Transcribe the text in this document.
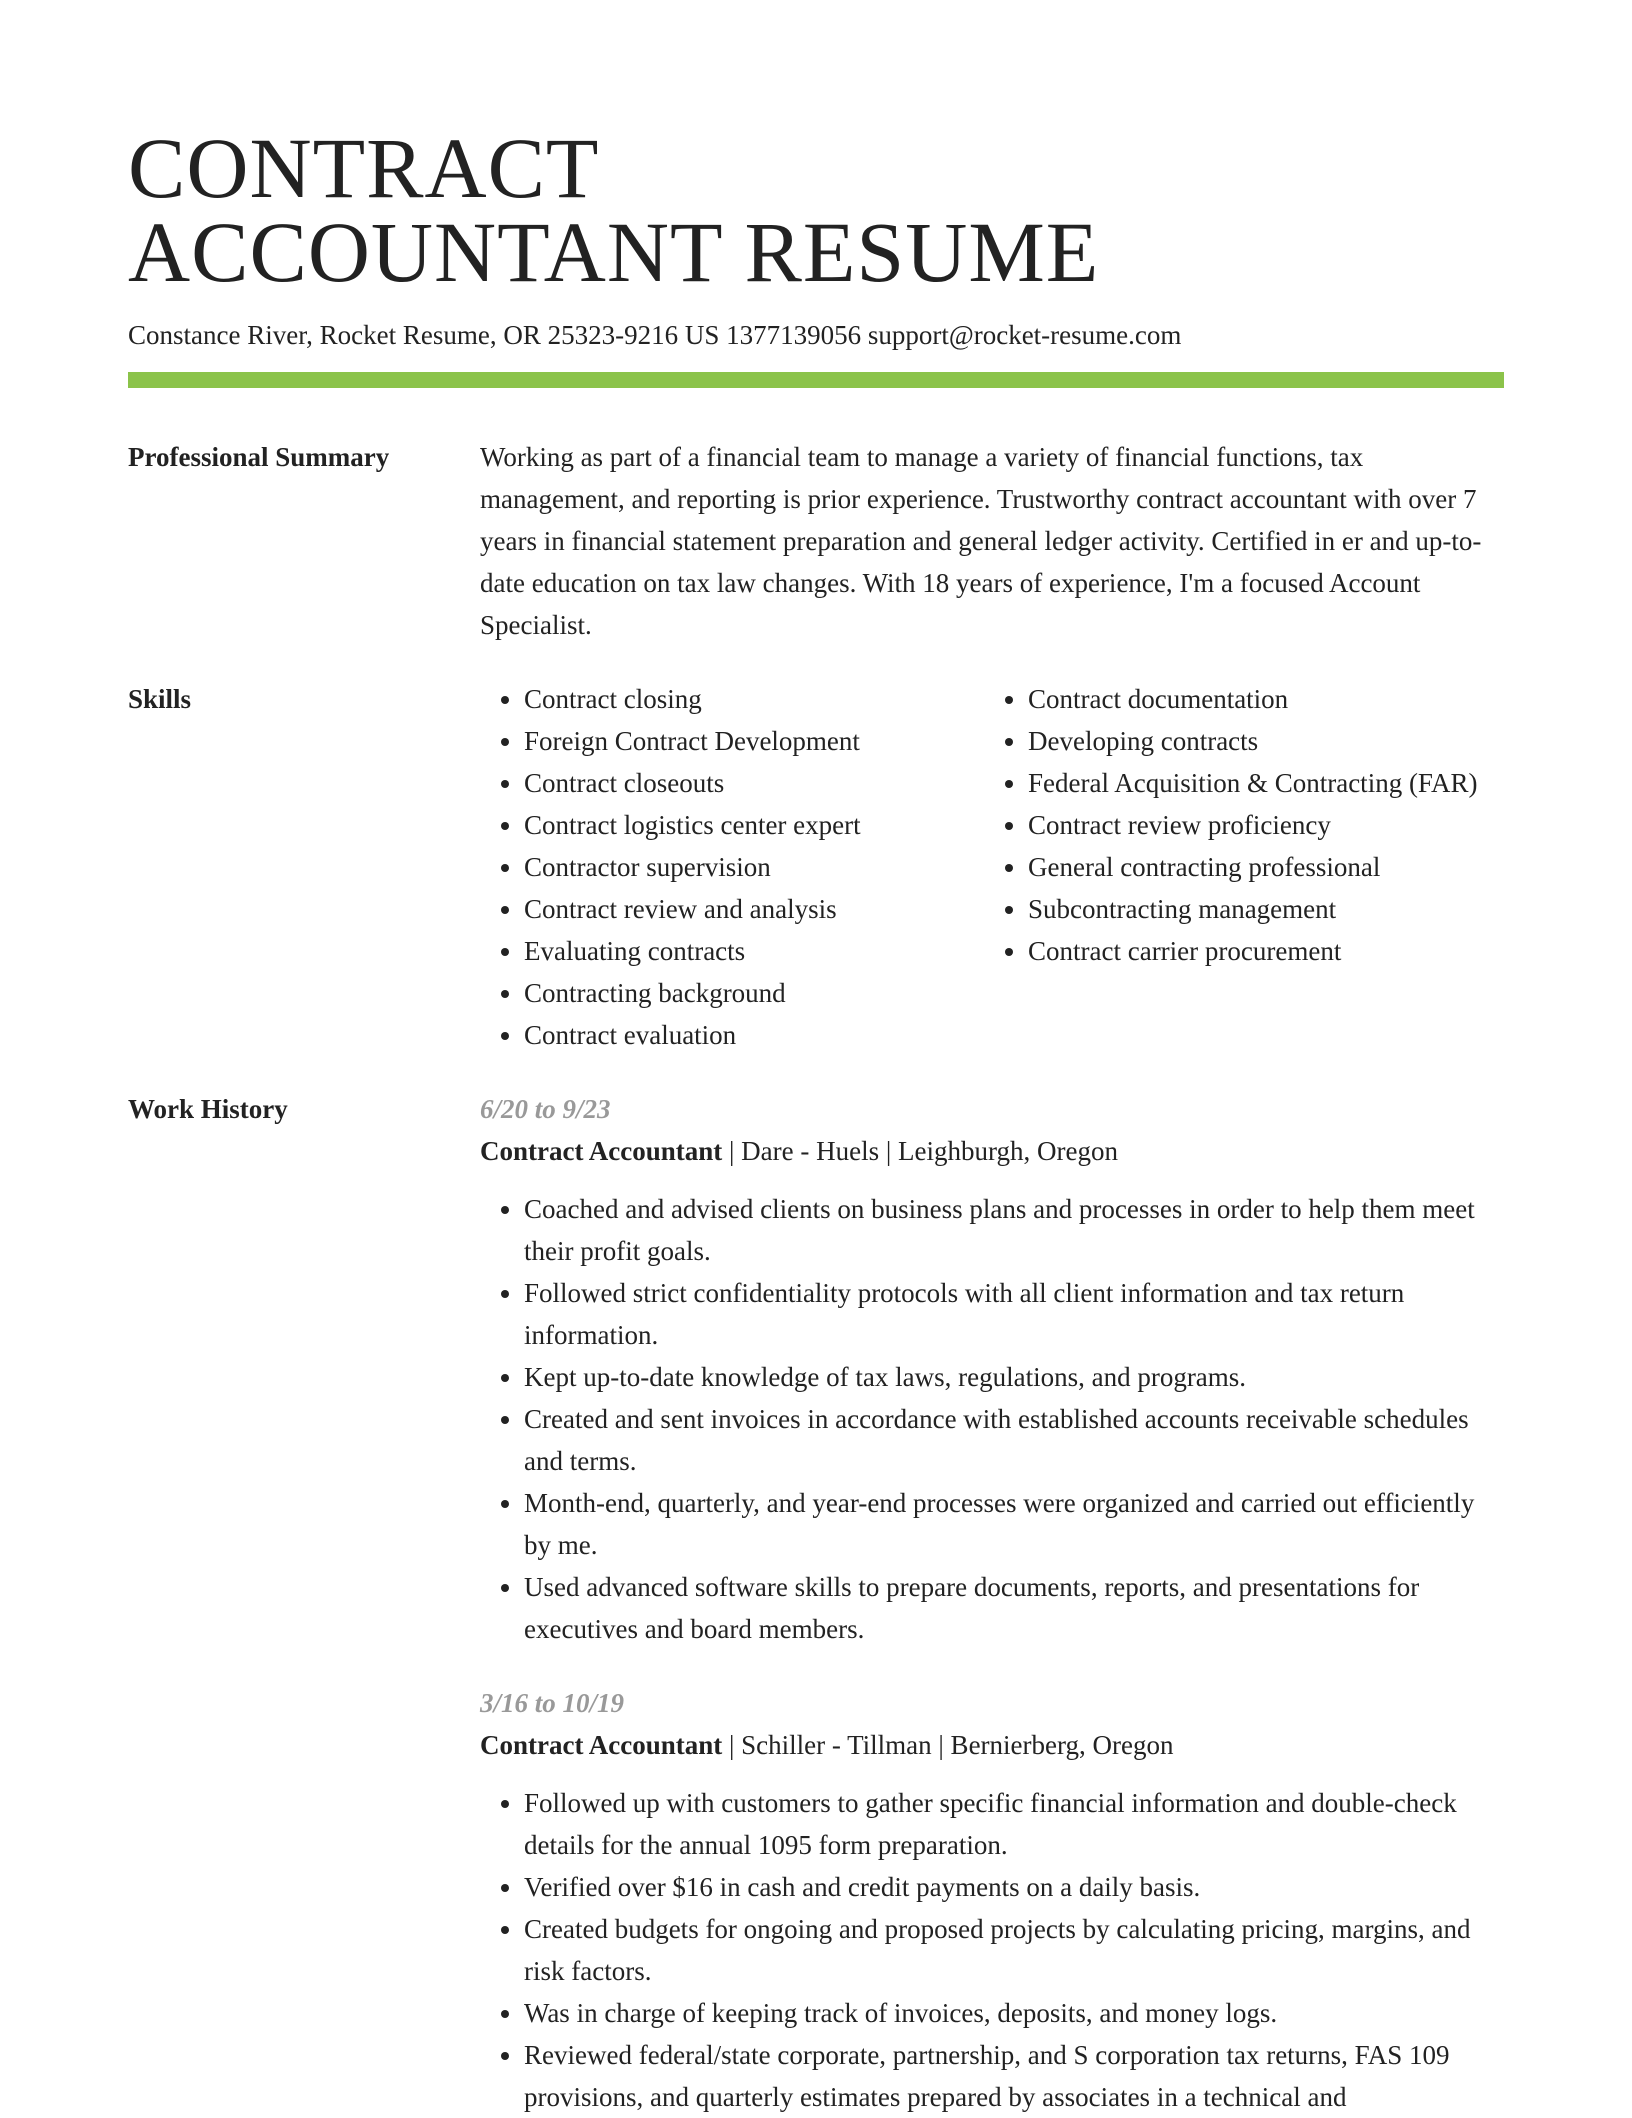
CONTRACT
ACCOUNTANT RESUME
Constance River, Rocket Resume, OR 25323-9216 US 1377139056 support@rocket-resume.com
Professional Summary	Working as part of a financial team to manage a variety of financial functions, tax management, and reporting is prior experience. Trustworthy contract accountant with over 7 years in financial statement preparation and general ledger activity. Certified in er and up-to-date education on tax law changes. With 18 years of experience, I'm a focused Account Specialist.

Skills
•	Contract closing
• Foreign Contract Development
• Contract closeouts
• Contract logistics center expert
• Contractor supervision
• Contract review and analysis
• Evaluating contracts
• Contracting background
• Contract evaluation
• Contract documentation
• Developing contracts
• Federal Acquisition & Contracting (FAR)
• Contract review proficiency
• General contracting professional
• Subcontracting management
• Contract carrier procurement
Work History	6/20 to 9/23
Contract Accountant | Dare - Huels | Leighburgh, Oregon
• Coached and advised clients on business plans and processes in order to help them meet their profit goals.
• Followed strict confidentiality protocols with all client information and tax return information.
• Kept up-to-date knowledge of tax laws, regulations, and programs.
• Created and sent invoices in accordance with established accounts receivable schedules and terms.
• Month-end, quarterly, and year-end processes were organized and carried out efficiently by me.
• Used advanced software skills to prepare documents, reports, and presentations for executives and board members.
3/16 to 10/19
Contract Accountant | Schiller - Tillman | Bernierberg, Oregon
• Followed up with customers to gather specific financial information and double-check details for the annual 1095 form preparation.
• Verified over $16 in cash and credit payments on a daily basis.
• Created budgets for ongoing and proposed projects by calculating pricing, margins, and risk factors.
• Was in charge of keeping track of invoices, deposits, and money logs.
• Reviewed federal/state corporate, partnership, and S corporation tax returns, FAS 109 provisions, and quarterly estimates prepared by associates in a technical and
